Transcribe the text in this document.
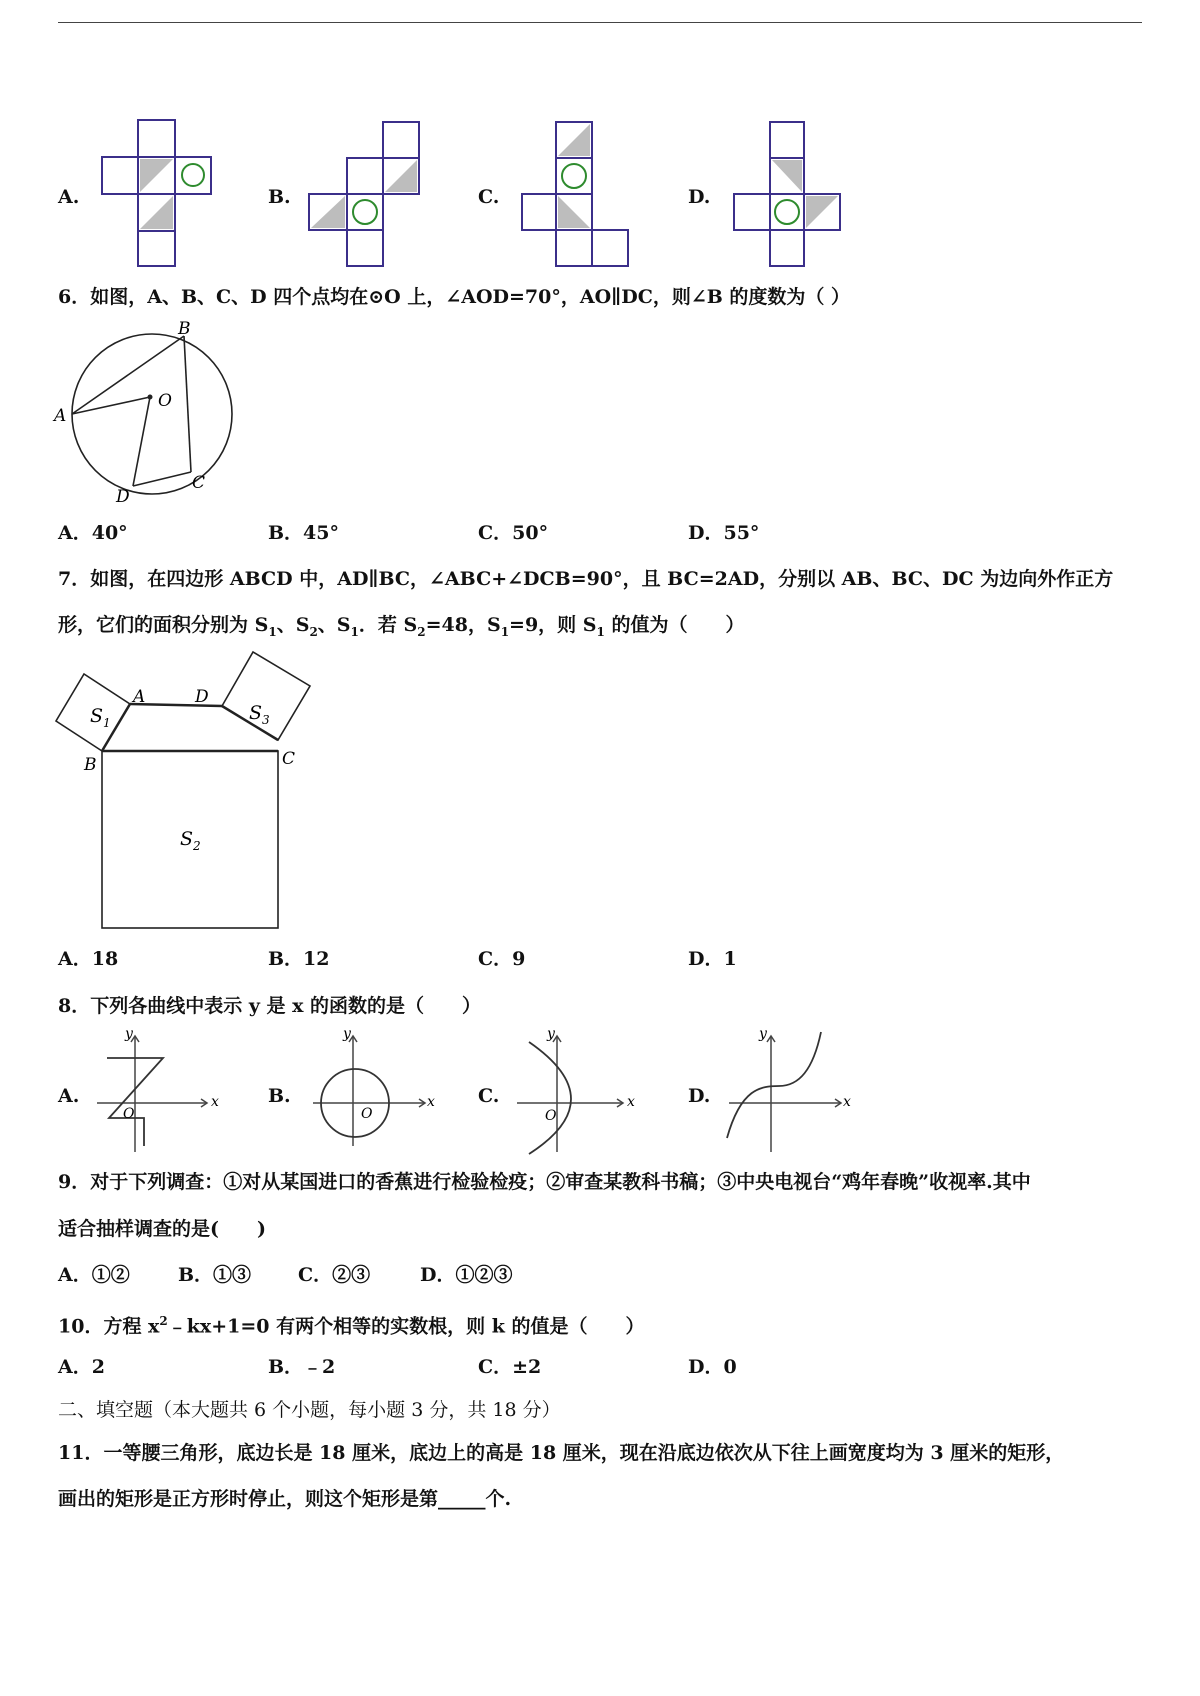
A.	B.	C.	D.
6．如图，A、B、C、D 四个点均在⊙O 上，∠AOD=70°，AO∥DC，则∠B 的度数为（ ）
B
A
O
C
D
A．40°	B．45°	C．50°	D．55°
7．如图，在四边形 ABCD 中，AD∥BC，∠ABC+∠DCB=90°，且 BC=2AD，分别以 AB、BC、DC 为边向外作正方
形，它们的面积分别为 $S_1$、$S_2$、$S_1$．若 $S_2=48$，$S_1=9$，则 $S_1$ 的值为（　　）
A	D
B	C
$S_1$	$S_3$
$S_2$
A．18	B．12	C．9	D．1
8．下列各曲线中表示 y 是 x 的函数的是（　　）
A.	x
y
O
B.	x
y
O
C.	x
y
O
D.	x
y
9．对于下列调查：①对从某国进口的香蕉进行检验检疫；②审查某教科书稿；③中央电视台“鸡年春晚”收视率.其中
适合抽样调查的是(　　)
A．①②	B．①③ C．②③	D．①②③
10．方程 $x^2﹣kx+1=0$ 有两个相等的实数根，则 k 的值是（　　）
A．2	B．﹣2	C．±2	D．0
二、填空题（本大题共 6 个小题，每小题 3 分，共 18 分）
11．一等腰三角形，底边长是 18 厘米，底边上的高是 18 厘米，现在沿底边依次从下往上画宽度均为 3 厘米的矩形，
画出的矩形是正方形时停止，则这个矩形是第_____个.
